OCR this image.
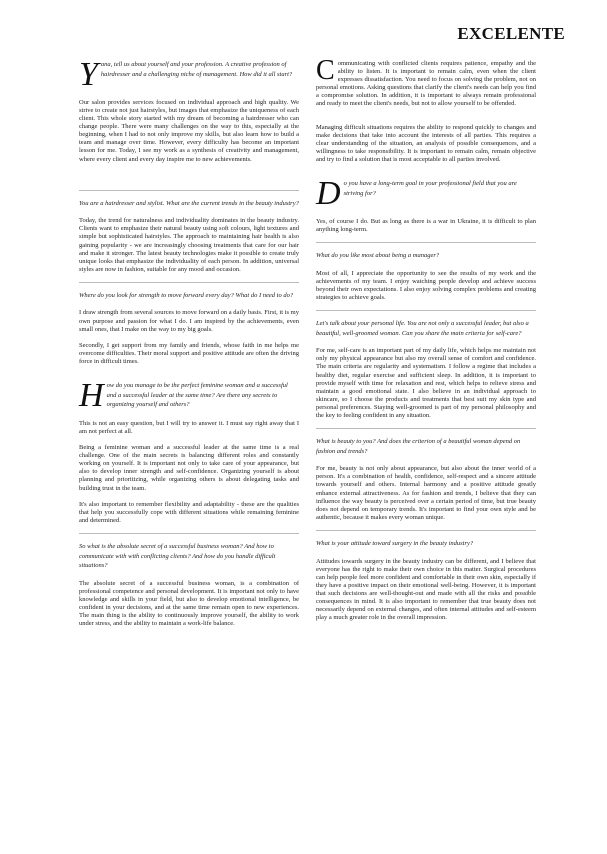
EXCELENTE
Y ana, tell us about yourself and your profession. A creative profession of hairdresser and a challenging niche of management. How did it all start?

Our salon provides services focused on individual approach and high quality. We strive to create not just hairstyles, but images that emphasize the uniqueness of each client. This whole story started with my dream of becoming a hairdresser who can change people. There were many challenges on the way to this, especially at the beginning, when I had to not only improve my skills, but also learn how to build a team and manage over time. However, every difficulty has become an important lesson for me. Today, I see my work as a synthesis of creativity and management, where every client and every day inspire me to new achievements.

You are a hairdresser and stylist. What are the current trends in the beauty industry?

Today, the trend for naturalness and individuality dominates in the beauty industry. Clients want to emphasize their natural beauty using soft colours, light textures and simple but sophisticated hairstyles. The approach to maintaining hair health is also gaining popularity - we are increasingly choosing treatments that care for our hair and make it stronger. The latest beauty technologies make it possible to create truly unique looks that emphasize the individuality of each person. In addition, universal styles are now in fashion, suitable for any mood and occasion.

Where do you look for strength to move forward every day? What do I need to do?

I draw strength from several sources to move forward on a daily basis. First, it is my own purpose and passion for what I do. I am inspired by the achievements, even small ones, that I make on the way to my big goals.

Secondly, I get support from my family and friends, whose faith in me helps me overcome difficulties. Their moral support and positive attitude are often the driving force in difficult times.

H ow do you manage to be the perfect feminine woman and a successful and a successful leader at the same time? Are there any secrets to organizing yourself and others?

This is not an easy question, but I will try to answer it. I must say right away that I am not perfect at all.

Being a feminine woman and a successful leader at the same time is a real challenge. One of the main secrets is balancing different roles and constantly working on yourself. It is important not only to take care of your appearance, but also to develop inner strength and self-confidence. Organizing yourself is about planning and prioritizing, while organizing others is about delegating tasks and building trust in the team.

It's also important to remember flexibility and adaptability - these are the qualities that help you successfully cope with different situations while remaining feminine and determined.

So what is the absolute secret of a successful business woman? And how to communicate with with conflicting clients? And how do you handle difficult situations?

The absolute secret of a successful business woman, is a combination of professional competence and personal development. It is important not only to have knowledge and skills in your field, but also to develop emotional intelligence, be confident in your decisions, and at the same time remain open to new experiences. The main thing is the ability to continuously improve yourself, the ability to work under stress, and the ability to maintain a work-life balance.

C ommunicating with conflicted clients requires patience, empathy and the ability to listen. It is important to remain calm, even when the client expresses dissatisfaction. You need to focus on solving the problem, not on personal emotions. Asking questions that clarify the client's needs can help you find a compromise solution. In addition, it is important to always remain professional and ready to meet the client's needs, but not to allow yourself to be offended.

Managing difficult situations requires the ability to respond quickly to changes and make decisions that take into account the interests of all parties. This requires a clear understanding of the situation, an analysis of possible consequences, and a willingness to take responsibility. It is important to remain calm, remain objective and try to find a solution that is most acceptable to all parties involved.

D o you have a long-term goal in your professional field that you are striving for?

Yes, of course I do. But as long as there is a war in Ukraine, it is difficult to plan anything long-term.

What do you like most about being a manager?

Most of all, I appreciate the opportunity to see the results of my work and the achievements of my team. I enjoy watching people develop and achieve success beyond their own expectations. I also enjoy solving complex problems and creating strategies to achieve goals.

Let's talk about your personal life. You are not only a successful leader, but also a beautiful, well-groomed woman. Can you share the main criteria for self-care?

For me, self-care is an important part of my daily life, which helps me maintain not only my physical appearance but also my overall sense of comfort and confidence. The main criteria are regularity and systematism. I follow a regime that includes a healthy diet, regular exercise and sufficient sleep. In addition, it is important to provide myself with time for relaxation and rest, which helps to relieve stress and maintain a good emotional state. I also believe in an individual approach to skincare, so I choose the products and treatments that best suit my skin type and personal preferences. Staying well-groomed is part of my personal philosophy and the key to feeling confident in any situation.

What is beauty to you? And does the criterion of a beautiful woman depend on fashion and trends?

For me, beauty is not only about appearance, but also about the inner world of a person. It's a combination of health, confidence, self-respect and a sincere attitude towards yourself and others. Internal harmony and a positive attitude greatly enhance external attractiveness. As for fashion and trends, I believe that they can influence the way beauty is perceived over a certain period of time, but true beauty does not depend on temporary trends. It's important to find your own style and be authentic, because it makes every woman unique.

What is your attitude toward surgery in the beauty industry?

Attitudes towards surgery in the beauty industry can be different, and I believe that everyone has the right to make their own choice in this matter. Surgical procedures can help people feel more confident and comfortable in their own skin, especially if they have a positive impact on their emotional well-being. However, it is important that such decisions are well-thought-out and made with all the risks and possible consequences in mind. It is also important to remember that true beauty does not necessarily depend on external changes, and often internal attitudes and self-esteem play a much greater role in the overall impression.
